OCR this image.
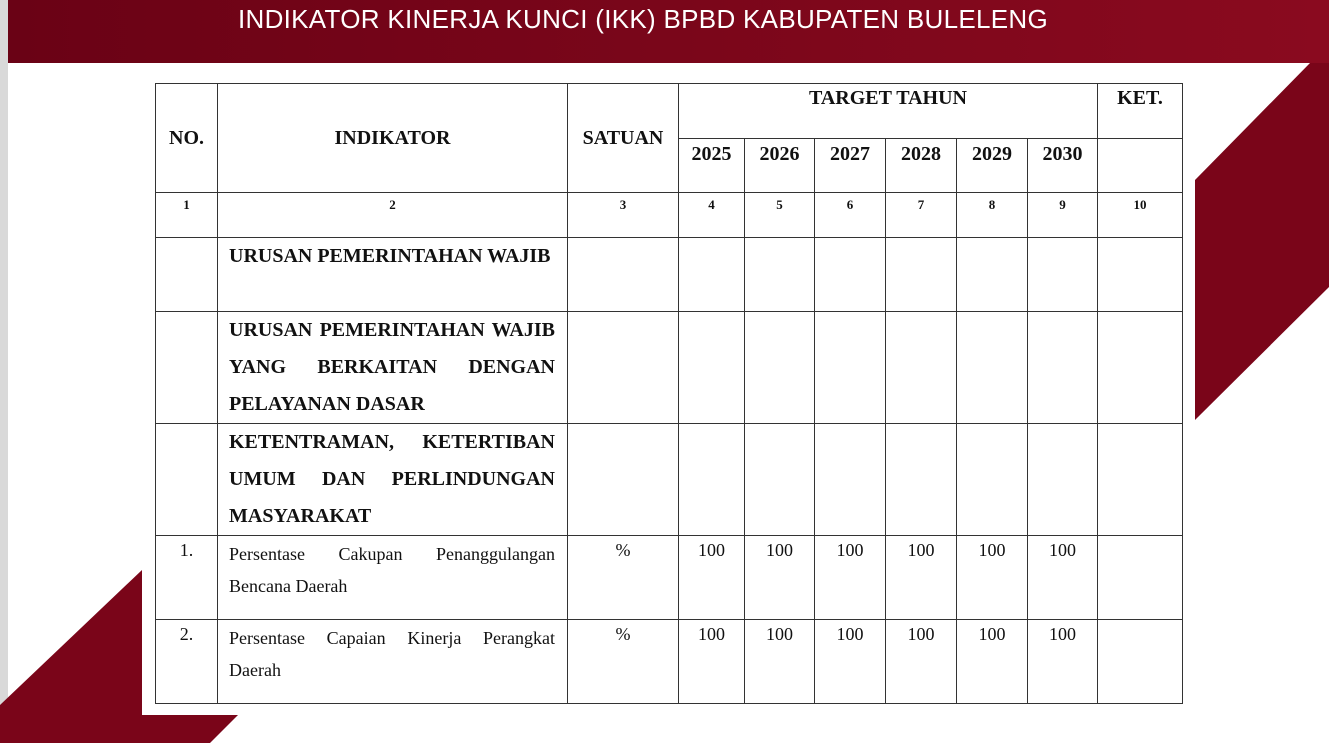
INDIKATOR KINERJA KUNCI (IKK) BPBD KABUPATEN BULELENG
NO.	INDIKATOR	SATUAN	TARGET TAHUN						KET.
			2025	2026	2027	2028	2029	2030	
1	2	3	4	5	6	7	8	9	10
	URUSAN PEMERINTAHAN WAJIB								
	URUSAN PEMERINTAHAN WAJIB YANG BERKAITAN DENGAN PELAYANAN DASAR								
	KETENTRAMAN, KETERTIBAN UMUM DAN PERLINDUNGAN MASYARAKAT								
1.	Persentase Cakupan Penanggulangan Bencana Daerah	%	100	100	100	100	100	100	
2.	Persentase Capaian Kinerja Perangkat Daerah	%	100	100	100	100	100	100	
